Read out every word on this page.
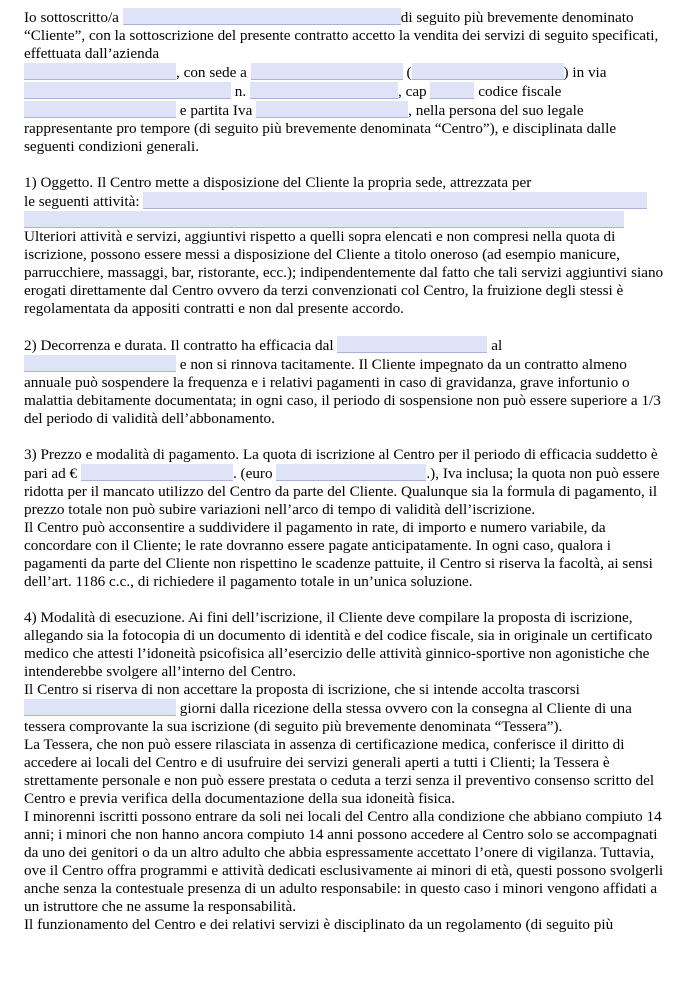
Io sottoscritto/a	di seguito più brevemente denominato “Cliente”, con la sottoscrizione del presente contratto accetto la vendita dei servizi di seguito specificati, effettuata dall’azienda
, con sede a	(	) in via
n.	, cap	codice fiscale
e partita Iva	, nella persona del suo legale rappresentante pro tempore (di seguito più brevemente denominata “Centro”), e disciplinata dalle seguenti condizioni generali.

1) Oggetto. Il Centro mette a disposizione del Cliente la propria sede, attrezzata per
le seguenti attività:

Ulteriori attività e servizi, aggiuntivi rispetto a quelli sopra elencati e non compresi nella quota di iscrizione, possono essere messi a disposizione del Cliente a titolo oneroso (ad esempio manicure, parrucchiere, massaggi, bar, ristorante, ecc.); indipendentemente dal fatto che tali servizi aggiuntivi siano erogati direttamente dal Centro ovvero da terzi convenzionati col Centro, la fruizione degli stessi è regolamentata da appositi contratti e non dal presente accordo.

2) Decorrenza e durata. Il contratto ha efficacia dal	al
e non si rinnova tacitamente. Il Cliente impegnato da un contratto almeno annuale può sospendere la frequenza e i relativi pagamenti in caso di gravidanza, grave infortunio o malattia debitamente documentata; in ogni caso, il periodo di sospensione non può essere superiore a 1/3 del periodo di validità dell’abbonamento.

3) Prezzo e modalità di pagamento. La quota di iscrizione al Centro per il periodo di efficacia suddetto è pari ad €	. (euro	.), Iva inclusa; la quota non può essere ridotta per il mancato utilizzo del Centro da parte del Cliente. Qualunque sia la formula di pagamento, il prezzo totale non può subire variazioni nell’arco di tempo di validità dell’iscrizione.

Il Centro può acconsentire a suddividere il pagamento in rate, di importo e numero variabile, da concordare con il Cliente; le rate dovranno essere pagate anticipatamente. In ogni caso, qualora i pagamenti da parte del Cliente non rispettino le scadenze pattuite, il Centro si riserva la facoltà, ai sensi dell’art. 1186 c.c., di richiedere il pagamento totale in un’unica soluzione.

4) Modalità di esecuzione. Ai fini dell’iscrizione, il Cliente deve compilare la proposta di iscrizione, allegando sia la fotocopia di un documento di identità e del codice fiscale, sia in originale un certificato medico che attesti l’idoneità psicofisica all’esercizio delle attività ginnico-sportive non agonistiche che intenderebbe svolgere all’interno del Centro.

Il Centro si riserva di non accettare la proposta di iscrizione, che si intende accolta trascorsi
giorni dalla ricezione della stessa ovvero con la consegna al Cliente di una tessera comprovante la sua iscrizione (di seguito più brevemente denominata “Tessera”).

La Tessera, che non può essere rilasciata in assenza di certificazione medica, conferisce il diritto di accedere ai locali del Centro e di usufruire dei servizi generali aperti a tutti i Clienti; la Tessera è strettamente personale e non può essere prestata o ceduta a terzi senza il preventivo consenso scritto del Centro e previa verifica della documentazione della sua idoneità fisica.

I minorenni iscritti possono entrare da soli nei locali del Centro alla condizione che abbiano compiuto 14 anni; i minori che non hanno ancora compiuto 14 anni possono accedere al Centro solo se accompagnati da uno dei genitori o da un altro adulto che abbia espressamente accettato l’onere di vigilanza. Tuttavia, ove il Centro offra programmi e attività dedicati esclusivamente ai minori di età, questi possono svolgerli anche senza la contestuale presenza di un adulto responsabile: in questo caso i minori vengono affidati a un istruttore che ne assume la responsabilità.

Il funzionamento del Centro e dei relativi servizi è disciplinato da un regolamento (di seguito più
